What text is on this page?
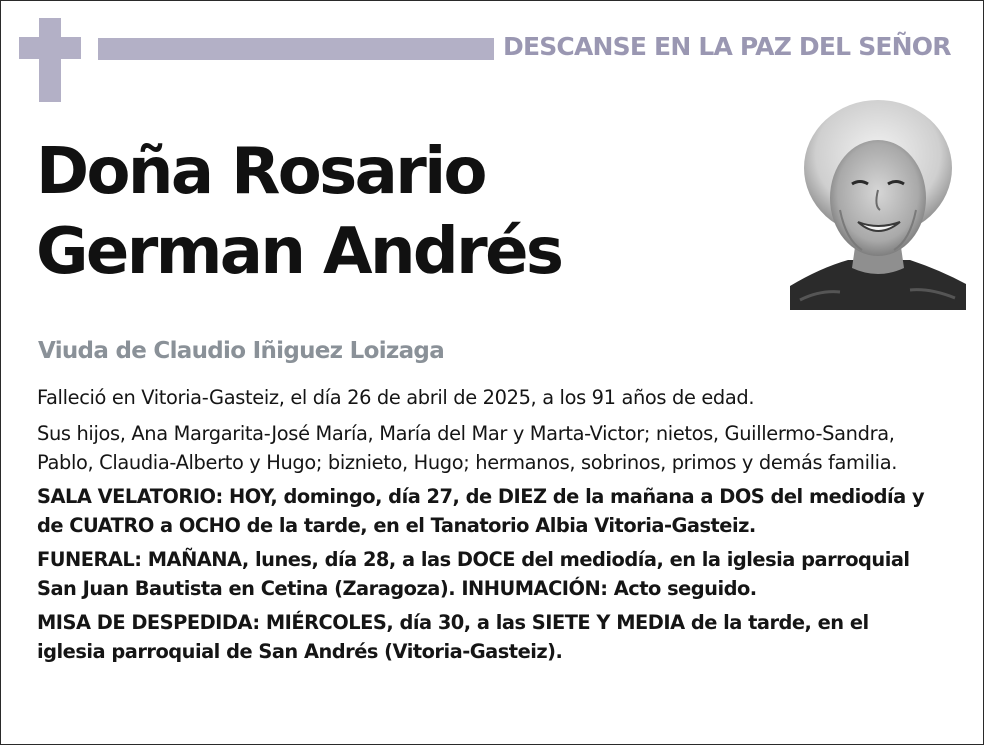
DESCANSE EN LA PAZ DEL SEÑOR
Doña Rosario
German Andrés
Viuda de Claudio Iñiguez Loizaga

Falleció en Vitoria-Gasteiz, el día 26 de abril de 2025, a los 91 años de edad.

Sus hijos, Ana Margarita-José María, María del Mar y Marta-Victor; nietos, Guillermo-Sandra, Pablo, Claudia-Alberto y Hugo; biznieto, Hugo; hermanos, sobrinos, primos y demás familia.

SALA VELATORIO: HOY, domingo, día 27, de DIEZ de la mañana a DOS del mediodía y de CUATRO a OCHO de la tarde, en el Tanatorio Albia Vitoria-Gasteiz.

FUNERAL: MAÑANA, lunes, día 28, a las DOCE del mediodía, en la iglesia parroquial San Juan Bautista en Cetina (Zaragoza). INHUMACIÓN: Acto seguido.

MISA DE DESPEDIDA: MIÉRCOLES, día 30, a las SIETE Y MEDIA de la tarde, en el iglesia parroquial de San Andrés (Vitoria-Gasteiz).
